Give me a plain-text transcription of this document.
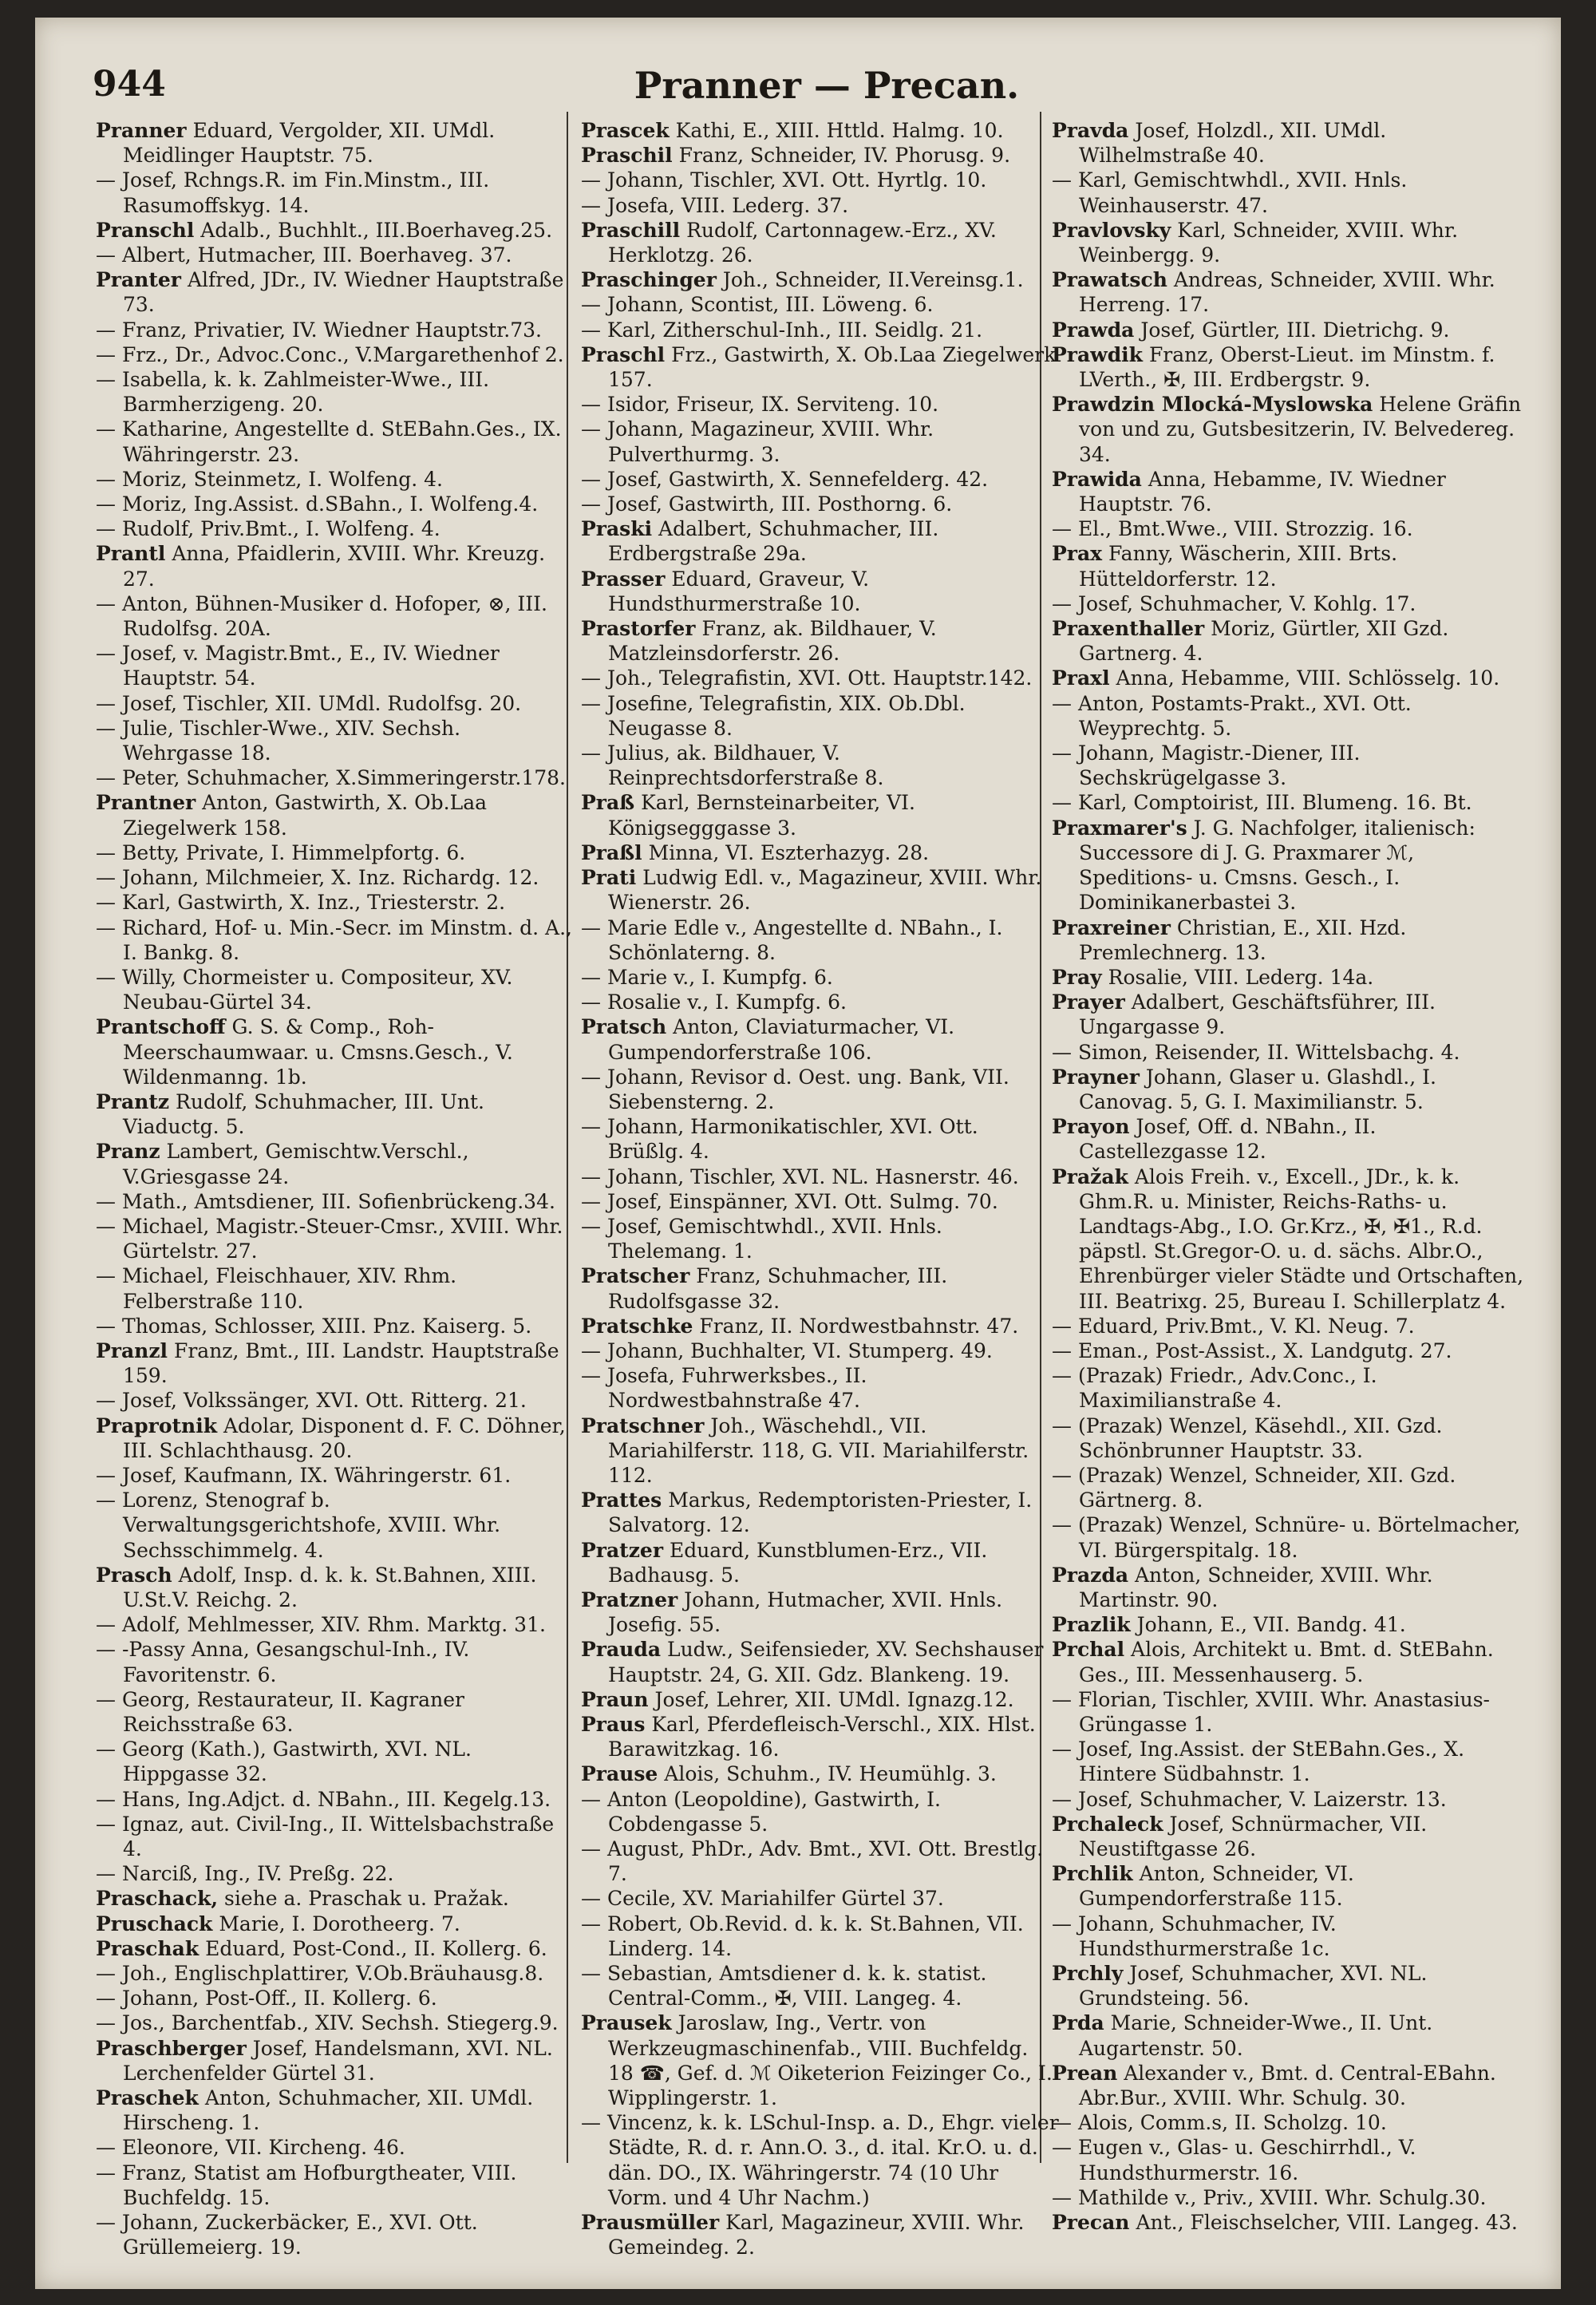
944	Pranner — Precan.
Pranner Eduard, Vergolder, XII. UMdl. Meidlinger Hauptstr. 75.
— Josef, Rchngs.R. im Fin.Minstm., III. Rasumoffskyg. 14.
Pranschl Adalb., Buchhlt., III.Boerhaveg.25.
— Albert, Hutmacher, III. Boerhaveg. 37.
Pranter Alfred, JDr., IV. Wiedner Hauptstraße 73.
— Franz, Privatier, IV. Wiedner Hauptstr.73.
— Frz., Dr., Advoc.Conc., V.Margarethenhof 2.
— Isabella, k. k. Zahlmeister-Wwe., III. Barmherzigeng. 20.
— Katharine, Angestellte d. StEBahn.Ges., IX. Währingerstr. 23.
— Moriz, Steinmetz, I. Wolfeng. 4.
— Moriz, Ing.Assist. d.SBahn., I. Wolfeng.4.
— Rudolf, Priv.Bmt., I. Wolfeng. 4.
Prantl Anna, Pfaidlerin, XVIII. Whr. Kreuzg. 27.
— Anton, Bühnen-Musiker d. Hofoper, ⊗, III. Rudolfsg. 20A.
— Josef, v. Magistr.Bmt., E., IV. Wiedner Hauptstr. 54.
— Josef, Tischler, XII. UMdl. Rudolfsg. 20.
— Julie, Tischler-Wwe., XIV. Sechsh. Wehrgasse 18.
— Peter, Schuhmacher, X.Simmeringerstr.178.
Prantner Anton, Gastwirth, X. Ob.Laa Ziegelwerk 158.
— Betty, Private, I. Himmelpfortg. 6.
— Johann, Milchmeier, X. Inz. Richardg. 12.
— Karl, Gastwirth, X. Inz., Triesterstr. 2.
— Richard, Hof- u. Min.-Secr. im Minstm. d. A., I. Bankg. 8.
— Willy, Chormeister u. Compositeur, XV. Neubau-Gürtel 34.
Prantschoff G. S. & Comp., Roh-Meerschaumwaar. u. Cmsns.Gesch., V. Wildenmanng. 1b.
Prantz Rudolf, Schuhmacher, III. Unt. Viaductg. 5.
Pranz Lambert, Gemischtw.Verschl., V.Griesgasse 24.
— Math., Amtsdiener, III. Sofienbrückeng.34.
— Michael, Magistr.-Steuer-Cmsr., XVIII. Whr. Gürtelstr. 27.
— Michael, Fleischhauer, XIV. Rhm. Felberstraße 110.
— Thomas, Schlosser, XIII. Pnz. Kaiserg. 5.
Pranzl Franz, Bmt., III. Landstr. Hauptstraße 159.
— Josef, Volkssänger, XVI. Ott. Ritterg. 21.
Praprotnik Adolar, Disponent d. F. C. Döhner, III. Schlachthausg. 20.
— Josef, Kaufmann, IX. Währingerstr. 61.
— Lorenz, Stenograf b. Verwaltungsgerichtshofe, XVIII. Whr. Sechsschimmelg. 4.
Prasch Adolf, Insp. d. k. k. St.Bahnen, XIII. U.St.V. Reichg. 2.
— Adolf, Mehlmesser, XIV. Rhm. Marktg. 31.
— -Passy Anna, Gesangschul-Inh., IV. Favoritenstr. 6.
— Georg, Restaurateur, II. Kagraner Reichsstraße 63.
— Georg (Kath.), Gastwirth, XVI. NL. Hippgasse 32.
— Hans, Ing.Adjct. d. NBahn., III. Kegelg.13.
— Ignaz, aut. Civil-Ing., II. Wittelsbachstraße 4.
— Narciß, Ing., IV. Preßg. 22.
Praschack, siehe a. Praschak u. Pražak.
Pruschack Marie, I. Dorotheerg. 7.
Praschak Eduard, Post-Cond., II. Kollerg. 6.
— Joh., Englischplattirer, V.Ob.Bräuhausg.8.
— Johann, Post-Off., II. Kollerg. 6.
— Jos., Barchentfab., XIV. Sechsh. Stiegerg.9.
Praschberger Josef, Handelsmann, XVI. NL. Lerchenfelder Gürtel 31.
Praschek Anton, Schuhmacher, XII. UMdl. Hirscheng. 1.
— Eleonore, VII. Kircheng. 46.
— Franz, Statist am Hofburgtheater, VIII. Buchfeldg. 15.
— Johann, Zuckerbäcker, E., XVI. Ott. Grüllemeierg. 19.
Prascek Kathi, E., XIII. Httld. Halmg. 10.
Praschil Franz, Schneider, IV. Phorusg. 9.
— Johann, Tischler, XVI. Ott. Hyrtlg. 10.
— Josefa, VIII. Lederg. 37.
Praschill Rudolf, Cartonnagew.-Erz., XV. Herklotzg. 26.
Praschinger Joh., Schneider, II.Vereinsg.1.
— Johann, Scontist, III. Löweng. 6.
— Karl, Zitherschul-Inh., III. Seidlg. 21.
Praschl Frz., Gastwirth, X. Ob.Laa Ziegelwerk 157.
— Isidor, Friseur, IX. Serviteng. 10.
— Johann, Magazineur, XVIII. Whr. Pulverthurmg. 3.
— Josef, Gastwirth, X. Sennefelderg. 42.
— Josef, Gastwirth, III. Posthorng. 6.
Praski Adalbert, Schuhmacher, III. Erdbergstraße 29a.
Prasser Eduard, Graveur, V. Hundsthurmerstraße 10.
Prastorfer Franz, ak. Bildhauer, V. Matzleinsdorferstr. 26.
— Joh., Telegrafistin, XVI. Ott. Hauptstr.142.
— Josefine, Telegrafistin, XIX. Ob.Dbl. Neugasse 8.
— Julius, ak. Bildhauer, V. Reinprechtsdorferstraße 8.
Praß Karl, Bernsteinarbeiter, VI. Königsegggasse 3.
Praßl Minna, VI. Eszterhazyg. 28.
Prati Ludwig Edl. v., Magazineur, XVIII. Whr. Wienerstr. 26.
— Marie Edle v., Angestellte d. NBahn., I. Schönlaterng. 8.
— Marie v., I. Kumpfg. 6.
— Rosalie v., I. Kumpfg. 6.
Pratsch Anton, Claviaturmacher, VI. Gumpendorferstraße 106.
— Johann, Revisor d. Oest. ung. Bank, VII. Siebensterng. 2.
— Johann, Harmonikatischler, XVI. Ott. Brüßlg. 4.
— Johann, Tischler, XVI. NL. Hasnerstr. 46.
— Josef, Einspänner, XVI. Ott. Sulmg. 70.
— Josef, Gemischtwhdl., XVII. Hnls. Thelemang. 1.
Pratscher Franz, Schuhmacher, III. Rudolfsgasse 32.
Pratschke Franz, II. Nordwestbahnstr. 47.
— Johann, Buchhalter, VI. Stumperg. 49.
— Josefa, Fuhrwerksbes., II. Nordwestbahnstraße 47.
Pratschner Joh., Wäschehdl., VII. Mariahilferstr. 118, G. VII. Mariahilferstr. 112.
Prattes Markus, Redemptoristen-Priester, I. Salvatorg. 12.
Pratzer Eduard, Kunstblumen-Erz., VII. Badhausg. 5.
Pratzner Johann, Hutmacher, XVII. Hnls. Josefig. 55.
Prauda Ludw., Seifensieder, XV. Sechshauser Hauptstr. 24, G. XII. Gdz. Blankeng. 19.
Praun Josef, Lehrer, XII. UMdl. Ignazg.12.
Praus Karl, Pferdefleisch-Verschl., XIX. Hlst. Barawitzkag. 16.
Prause Alois, Schuhm., IV. Heumühlg. 3.
— Anton (Leopoldine), Gastwirth, I. Cobdengasse 5.
— August, PhDr., Adv. Bmt., XVI. Ott. Brestlg. 7.
— Cecile, XV. Mariahilfer Gürtel 37.
— Robert, Ob.Revid. d. k. k. St.Bahnen, VII. Linderg. 14.
— Sebastian, Amtsdiener d. k. k. statist. Central-Comm., ✠, VIII. Langeg. 4.
Prausek Jaroslaw, Ing., Vertr. von Werkzeugmaschinenfab., VIII. Buchfeldg. 18 ☎, Gef. d. ℳ Oiketerion Feizinger Co., I. Wipplingerstr. 1.
— Vincenz, k. k. LSchul-Insp. a. D., Ehgr. vieler Städte, R. d. r. Ann.O. 3., d. ital. Kr.O. u. d. dän. DO., IX. Währingerstr. 74 (10 Uhr Vorm. und 4 Uhr Nachm.)
Prausmüller Karl, Magazineur, XVIII. Whr. Gemeindeg. 2.
Pravda Josef, Holzdl., XII. UMdl. Wilhelmstraße 40.
— Karl, Gemischtwhdl., XVII. Hnls. Weinhauserstr. 47.
Pravlovsky Karl, Schneider, XVIII. Whr. Weinbergg. 9.
Prawatsch Andreas, Schneider, XVIII. Whr. Herreng. 17.
Prawda Josef, Gürtler, III. Dietrichg. 9.
Prawdik Franz, Oberst-Lieut. im Minstm. f. LVerth., ✠, III. Erdbergstr. 9.
Prawdzin Mlocká-Myslowska Helene Gräfin von und zu, Gutsbesitzerin, IV. Belvedereg. 34.
Prawida Anna, Hebamme, IV. Wiedner Hauptstr. 76.
— El., Bmt.Wwe., VIII. Strozzig. 16.
Prax Fanny, Wäscherin, XIII. Brts. Hütteldorferstr. 12.
— Josef, Schuhmacher, V. Kohlg. 17.
Praxenthaller Moriz, Gürtler, XII Gzd. Gartnerg. 4.
Praxl Anna, Hebamme, VIII. Schlösselg. 10.
— Anton, Postamts-Prakt., XVI. Ott. Weyprechtg. 5.
— Johann, Magistr.-Diener, III. Sechskrügelgasse 3.
— Karl, Comptoirist, III. Blumeng. 16. Bt.
Praxmarer's J. G. Nachfolger, italienisch: Successore di J. G. Praxmarer ℳ, Speditions- u. Cmsns. Gesch., I. Dominikanerbastei 3.
Praxreiner Christian, E., XII. Hzd. Premlechnerg. 13.
Pray Rosalie, VIII. Lederg. 14a.
Prayer Adalbert, Geschäftsführer, III. Ungargasse 9.
— Simon, Reisender, II. Wittelsbachg. 4.
Prayner Johann, Glaser u. Glashdl., I. Canovag. 5, G. I. Maximilianstr. 5.
Prayon Josef, Off. d. NBahn., II. Castellezgasse 12.
Pražak Alois Freih. v., Excell., JDr., k. k. Ghm.R. u. Minister, Reichs-Raths- u. Landtags-Abg., I.O. Gr.Krz., ✠, ✠1., R.d. päpstl. St.Gregor-O. u. d. sächs. Albr.O., Ehrenbürger vieler Städte und Ortschaften, III. Beatrixg. 25, Bureau I. Schillerplatz 4.
— Eduard, Priv.Bmt., V. Kl. Neug. 7.
— Eman., Post-Assist., X. Landgutg. 27.
— (Prazak) Friedr., Adv.Conc., I. Maximilianstraße 4.
— (Prazak) Wenzel, Käsehdl., XII. Gzd. Schönbrunner Hauptstr. 33.
— (Prazak) Wenzel, Schneider, XII. Gzd. Gärtnerg. 8.
— (Prazak) Wenzel, Schnüre- u. Börtelmacher, VI. Bürgerspitalg. 18.
Prazda Anton, Schneider, XVIII. Whr. Martinstr. 90.
Prazlik Johann, E., VII. Bandg. 41.
Prchal Alois, Architekt u. Bmt. d. StEBahn. Ges., III. Messenhauserg. 5.
— Florian, Tischler, XVIII. Whr. Anastasius-Grüngasse 1.
— Josef, Ing.Assist. der StEBahn.Ges., X. Hintere Südbahnstr. 1.
— Josef, Schuhmacher, V. Laizerstr. 13.
Prchaleck Josef, Schnürmacher, VII. Neustiftgasse 26.
Prchlik Anton, Schneider, VI. Gumpendorferstraße 115.
— Johann, Schuhmacher, IV. Hundsthurmerstraße 1c.
Prchly Josef, Schuhmacher, XVI. NL. Grundsteing. 56.
Prda Marie, Schneider-Wwe., II. Unt. Augartenstr. 50.
Prean Alexander v., Bmt. d. Central-EBahn. Abr.Bur., XVIII. Whr. Schulg. 30.
— Alois, Comm.s, II. Scholzg. 10.
— Eugen v., Glas- u. Geschirrhdl., V. Hundsthurmerstr. 16.
— Mathilde v., Priv., XVIII. Whr. Schulg.30.
Precan Ant., Fleischselcher, VIII. Langeg. 43.
